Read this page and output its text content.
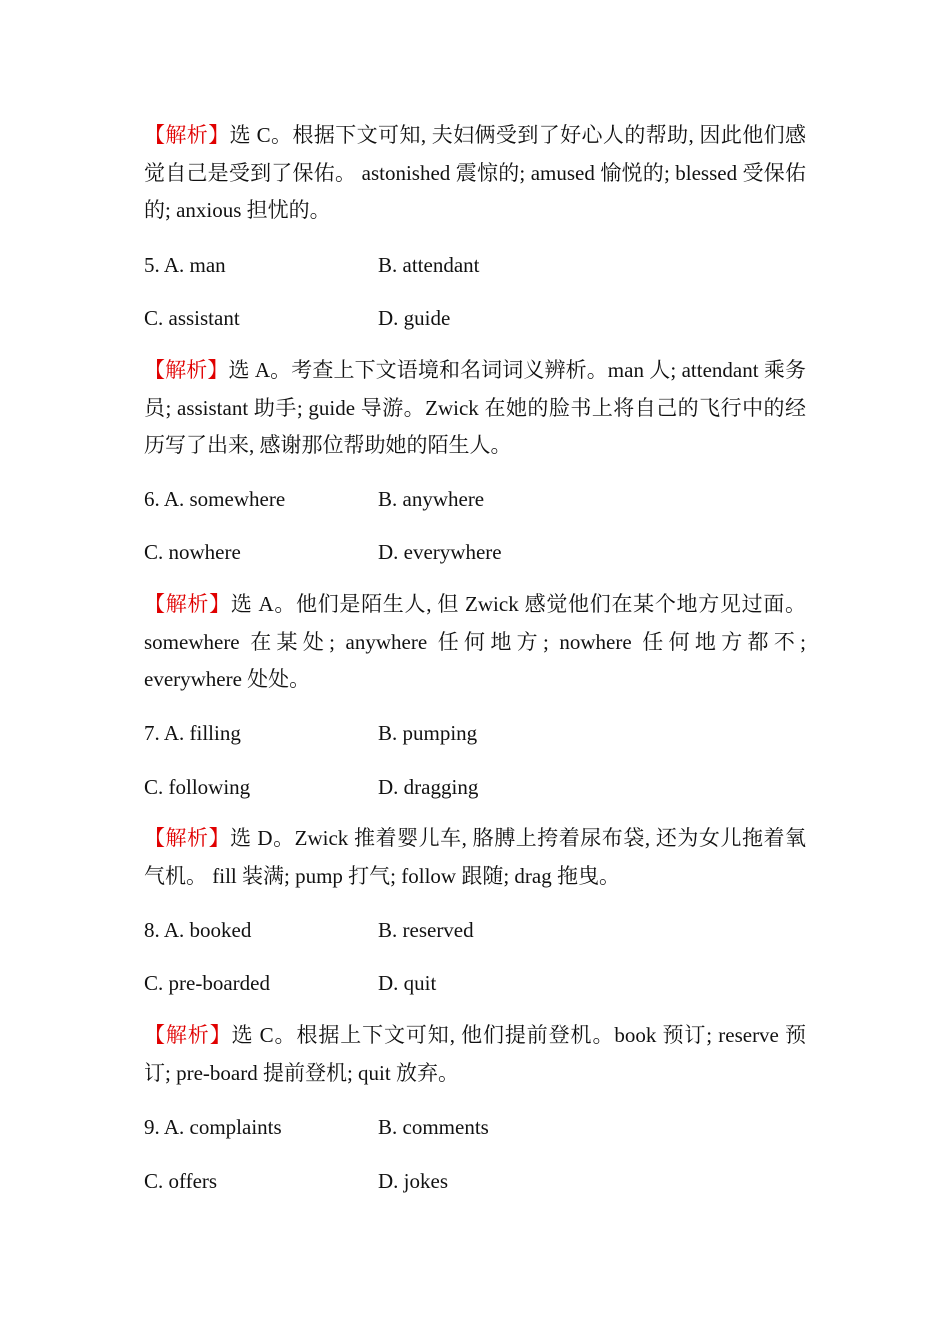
【解析】选 C。根据下文可知, 夫妇俩受到了好心人的帮助, 因此他们感觉自己是受到了保佑。 astonished 震惊的; amused 愉悦的; blessed 受保佑的; anxious 担忧的。
5. A. man	B. attendant
C. assistant	D. guide
【解析】选 A。考查上下文语境和名词词义辨析。man 人; attendant 乘务员; assistant 助手; guide 导游。Zwick 在她的脸书上将自己的飞行中的经历写了出来, 感谢那位帮助她的陌生人。
6. A. somewhere	B. anywhere
C. nowhere	D. everywhere
【解析】选 A。他们是陌生人, 但 Zwick 感觉他们在某个地方见过面。somewhere 在某处; anywhere 任何地方; nowhere 任何地方都不; everywhere 处处。
7. A. filling	B. pumping
C. following	D. dragging
【解析】选 D。Zwick 推着婴儿车, 胳膊上挎着尿布袋, 还为女儿拖着氧气机。 fill 装满; pump 打气; follow 跟随; drag 拖曳。
8. A. booked	B. reserved
C. pre-boarded	D. quit
【解析】选 C。根据上下文可知, 他们提前登机。book 预订; reserve 预订; pre-board 提前登机; quit 放弃。
9. A. complaints	B. comments
C. offers	D. jokes
